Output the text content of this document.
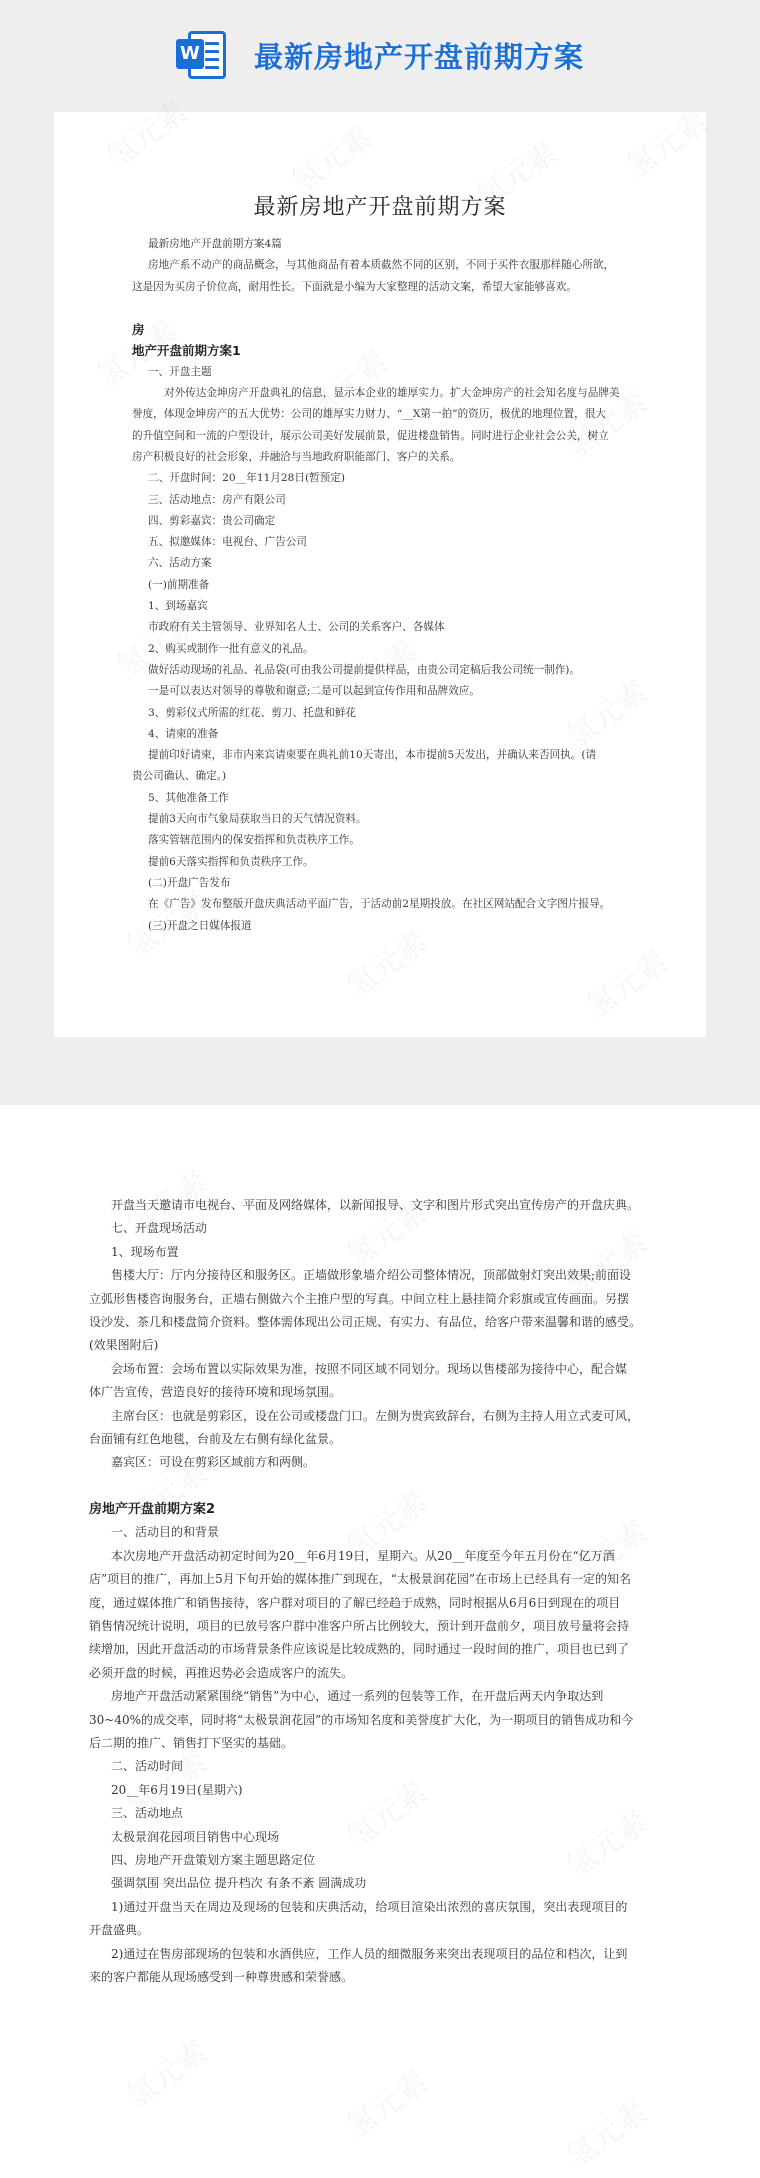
W 最新房地产开盘前期方案
最新房地产开盘前期方案
最新房地产开盘前期方案4篇
房地产系不动产的商品概念，与其他商品有着本质截然不同的区别，不同于买件衣服那样随心所欲，
这是因为买房子价位高，耐用性长。下面就是小编为大家整理的活动文案，希望大家能够喜欢。
房
地产开盘前期方案1
一、开盘主题
对外传达金坤房产开盘典礼的信息，显示本企业的雄厚实力。扩大金坤房产的社会知名度与品牌美
誉度，体现金坤房产的五大优势：公司的雄厚实力财力、“__X第一拍”的资历，极优的地理位置，很大
的升值空间和一流的户型设计，展示公司美好发展前景，促进楼盘销售。同时进行企业社会公关，树立
房产积极良好的社会形象，并融洽与当地政府职能部门、客户的关系。
二、开盘时间：20__年11月28日(暂预定)
三、活动地点：房产有限公司
四、剪彩嘉宾：贵公司确定
五、拟邀媒体：电视台、广告公司
六、活动方案
(一)前期准备
1、到场嘉宾
市政府有关主管领导、业界知名人士、公司的关系客户、各媒体
2、购买或制作一批有意义的礼品。
做好活动现场的礼品、礼品袋(可由我公司提前提供样品，由贵公司定稿后我公司统一制作)。
一是可以表达对领导的尊敬和谢意;二是可以起到宣传作用和品牌效应。
3、剪彩仪式所需的红花、剪刀、托盘和鲜花
4、请柬的准备
提前印好请柬，非市内来宾请柬要在典礼前10天寄出，本市提前5天发出，并确认来否回执。(请
贵公司确认、确定。)
5、其他准备工作
提前3天向市气象局获取当日的天气情况资料。
落实管辖范围内的保安指挥和负责秩序工作。
提前6天落实指挥和负责秩序工作。
(二)开盘广告发布
在《广告》发布整版开盘庆典活动平面广告，于活动前2星期投放。在社区网站配合文字图片报导。
(三)开盘之日媒体报道
开盘当天邀请市电视台、平面及网络媒体，以新闻报导、文字和图片形式突出宣传房产的开盘庆典。
七、开盘现场活动
1、现场布置
售楼大厅：厅内分接待区和服务区。正墙做形象墙介绍公司整体情况，顶部做射灯突出效果;前面设
立弧形售楼咨询服务台，正墙右侧做六个主推户型的写真。中间立柱上悬挂简介彩旗或宣传画面。另摆
设沙发、茶几和楼盘简介资料。整体需体现出公司正规、有实力、有品位，给客户带来温馨和谐的感受。
(效果图附后)
会场布置：会场布置以实际效果为准，按照不同区域不同划分。现场以售楼部为接待中心，配合媒
体广告宣传，营造良好的接待环境和现场氛围。
主席台区：也就是剪彩区，设在公司或楼盘门口。左侧为贵宾致辞台，右侧为主持人用立式麦可风，
台面铺有红色地毯，台前及左右侧有绿化盆景。
嘉宾区：可设在剪彩区域前方和两侧。
房地产开盘前期方案2
一、活动目的和背景
本次房地产开盘活动初定时间为20__年6月19日，星期六。从20__年度至今年五月份在“亿万酒
店”项目的推广，再加上5月下旬开始的媒体推广到现在，“太极景润花园”在市场上已经具有一定的知名
度，通过媒体推广和销售接待，客户群对项目的了解已经趋于成熟，同时根据从6月6日到现在的项目
销售情况统计说明，项目的已放号客户群中准客户所占比例较大，预计到开盘前夕，项目放号量将会持
续增加，因此开盘活动的市场背景条件应该说是比较成熟的，同时通过一段时间的推广，项目也已到了
必须开盘的时候，再推迟势必会造成客户的流失。
房地产开盘活动紧紧围绕“销售”为中心，通过一系列的包装等工作，在开盘后两天内争取达到
30~40%的成交率，同时将“太极景润花园”的市场知名度和美誉度扩大化，为一期项目的销售成功和今
后二期的推广、销售打下坚实的基础。
二、活动时间
20__年6月19日(星期六)
三、活动地点
太极景润花园项目销售中心现场
四、房地产开盘策划方案主题思路定位
强调氛围 突出品位 提升档次 有条不紊 圆满成功
1)通过开盘当天在周边及现场的包装和庆典活动，给项目渲染出浓烈的喜庆氛围，突出表现项目的
开盘盛典。
2)通过在售房部现场的包装和水酒供应，工作人员的细微服务来突出表现项目的品位和档次，让到
来的客户都能从现场感受到一种尊贵感和荣誉感。
